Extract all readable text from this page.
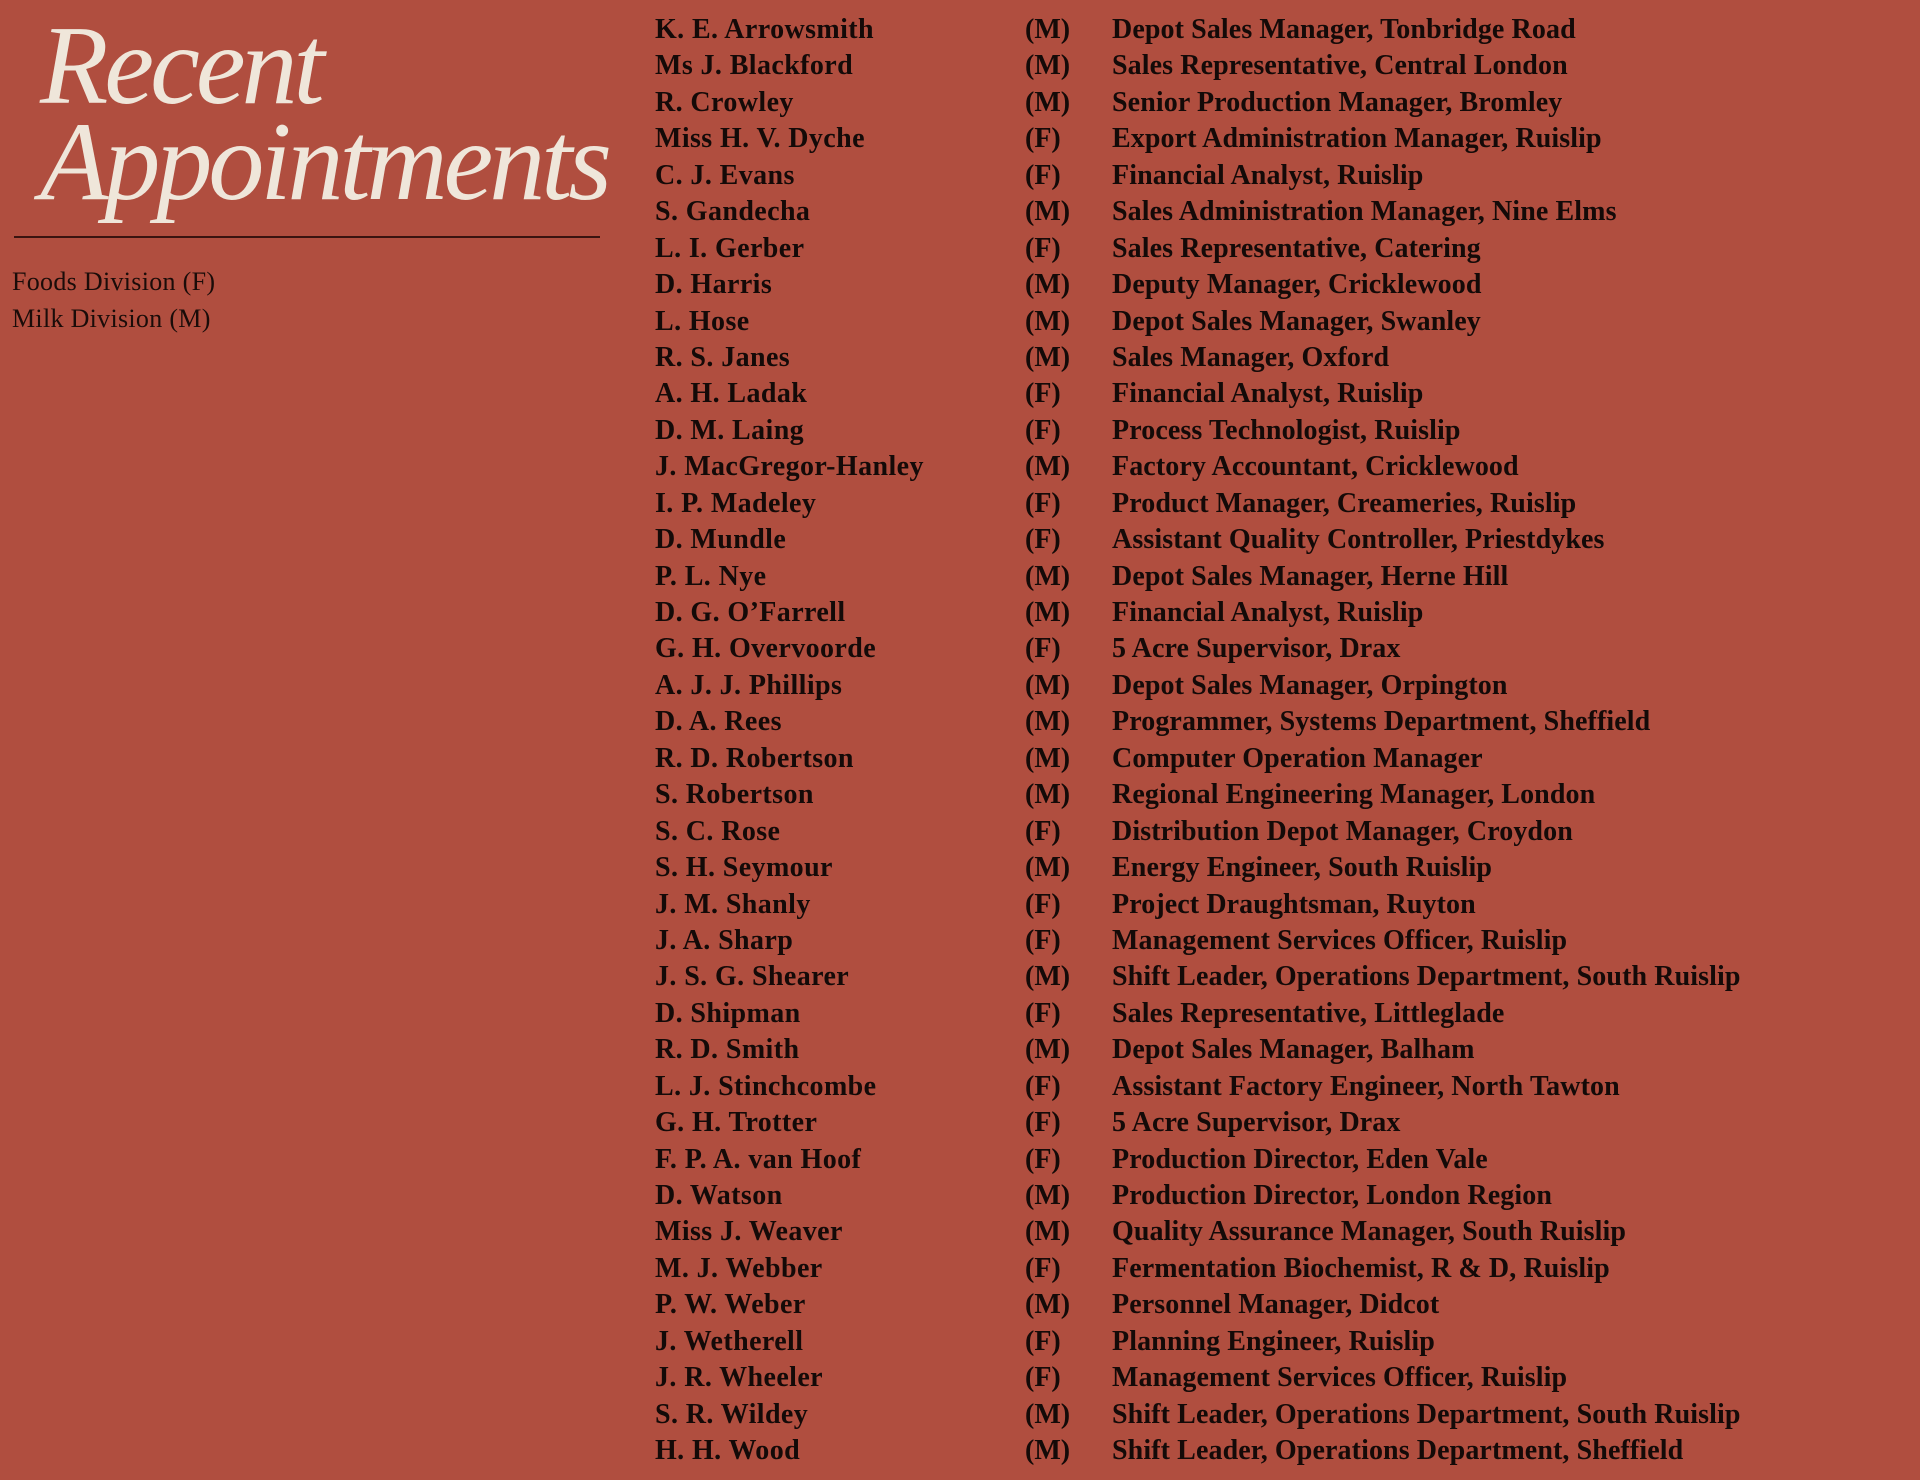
Recent
Appointments
Foods Division (F)
Milk Division (M)
K. E. Arrowsmith	(M) Depot Sales Manager, Tonbridge Road
Ms J. Blackford	(M) Sales Representative, Central London
R. Crowley	(M) Senior Production Manager, Bromley
Miss H. V. Dyche	(F) Export Administration Manager, Ruislip
C. J. Evans	(F) Financial Analyst, Ruislip
S. Gandecha	(M) Sales Administration Manager, Nine Elms
L. I. Gerber	(F) Sales Representative, Catering
D. Harris	(M) Deputy Manager, Cricklewood
L. Hose	(M) Depot Sales Manager, Swanley
R. S. Janes	(M) Sales Manager, Oxford
A. H. Ladak	(F) Financial Analyst, Ruislip
D. M. Laing	(F) Process Technologist, Ruislip
J. MacGregor-Hanley	(M) Factory Accountant, Cricklewood
I. P. Madeley	(F) Product Manager, Creameries, Ruislip
D. Mundle	(F) Assistant Quality Controller, Priestdykes
P. L. Nye	(M) Depot Sales Manager, Herne Hill
D. G. O’Farrell	(M) Financial Analyst, Ruislip
G. H. Overvoorde	(F) 5 Acre Supervisor, Drax
A. J. J. Phillips	(M) Depot Sales Manager, Orpington
D. A. Rees	(M) Programmer, Systems Department, Sheffield
R. D. Robertson	(M) Computer Operation Manager
S. Robertson	(M) Regional Engineering Manager, London
S. C. Rose	(F) Distribution Depot Manager, Croydon
S. H. Seymour	(M) Energy Engineer, South Ruislip
J. M. Shanly	(F) Project Draughtsman, Ruyton
J. A. Sharp	(F) Management Services Officer, Ruislip
J. S. G. Shearer	(M) Shift Leader, Operations Department, South Ruislip
D. Shipman	(F) Sales Representative, Littleglade
R. D. Smith	(M) Depot Sales Manager, Balham
L. J. Stinchcombe	(F) Assistant Factory Engineer, North Tawton
G. H. Trotter	(F) 5 Acre Supervisor, Drax
F. P. A. van Hoof	(F) Production Director, Eden Vale
D. Watson	(M) Production Director, London Region
Miss J. Weaver	(M) Quality Assurance Manager, South Ruislip
M. J. Webber	(F) Fermentation Biochemist, R & D, Ruislip
P. W. Weber	(M) Personnel Manager, Didcot
J. Wetherell	(F) Planning Engineer, Ruislip
J. R. Wheeler	(F) Management Services Officer, Ruislip
S. R. Wildey	(M) Shift Leader, Operations Department, South Ruislip
H. H. Wood	(M) Shift Leader, Operations Department, Sheffield
